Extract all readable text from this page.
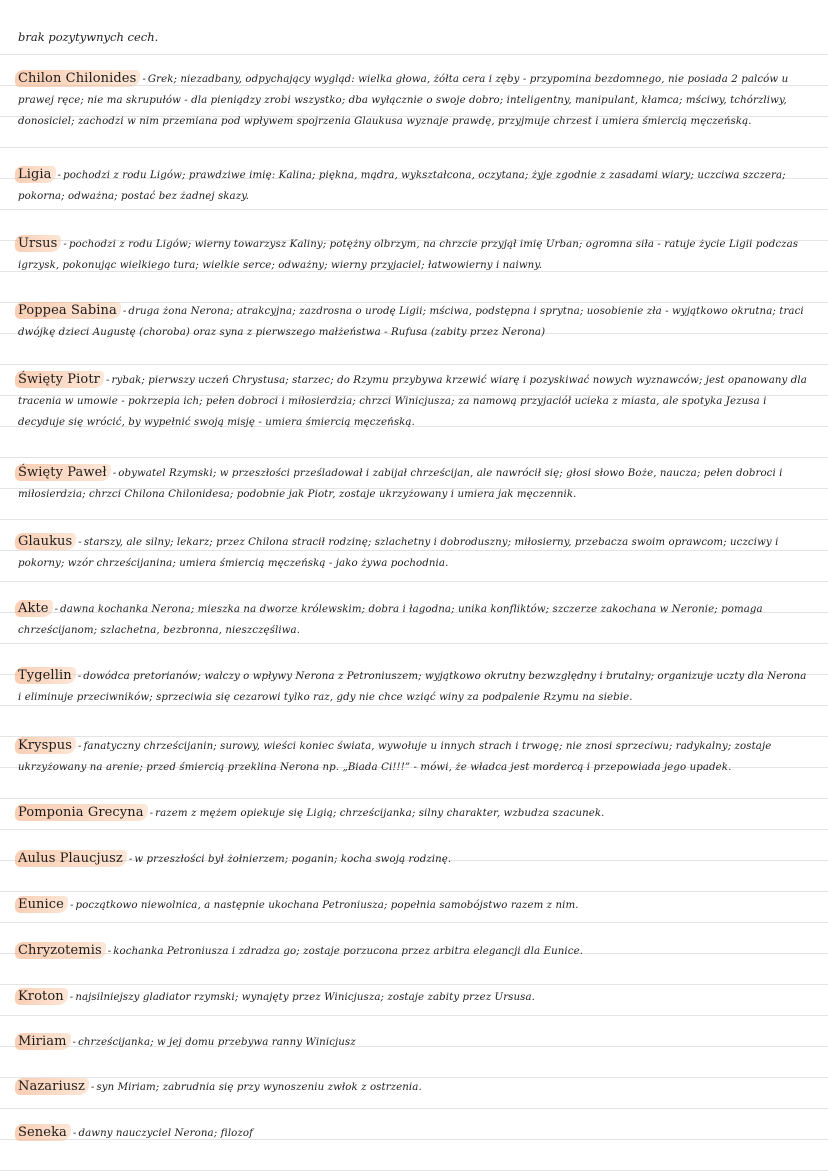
brak pozytywnych cech.
Chilon Chilonides - Grek; niezadbany, odpychający wygląd: wielka głowa, żółta cera i zęby - przypomina bezdomnego, nie posiada 2 palców u prawej ręce; nie ma skrupułów - dla pieniądzy zrobi wszystko; dba wyłącznie o swoje dobro; inteligentny, manipulant, kłamca; mściwy, tchórzliwy, donosiciel; zachodzi w nim przemiana pod wpływem spojrzenia Glaukusa wyznaje prawdę, przyjmuje chrzest i umiera śmiercią męczeńską.
Ligia - pochodzi z rodu Ligów; prawdziwe imię: Kalina; piękna, mądra, wykształcona, oczytana; żyje zgodnie z zasadami wiary; uczciwa szczera; pokorna; odważna; postać bez żadnej skazy.
Ursus - pochodzi z rodu Ligów; wierny towarzysz Kaliny; potężny olbrzym, na chrzcie przyjął imię Urban; ogromna siła - ratuje życie Ligii podczas igrzysk, pokonując wielkiego tura; wielkie serce; odważny; wierny przyjaciel; łatwowierny i naiwny.
Poppea Sabina - druga żona Nerona; atrakcyjna; zazdrosna o urodę Ligii; mściwa, podstępna i sprytna; uosobienie zła - wyjątkowo okrutna; traci dwójkę dzieci Augustę (choroba) oraz syna z pierwszego małżeństwa - Rufusa (zabity przez Nerona)
Święty Piotr - rybak; pierwszy uczeń Chrystusa; starzec; do Rzymu przybywa krzewić wiarę i pozyskiwać nowych wyznawców; jest opanowany dla tracenia w umowie - pokrzepia ich; pełen dobroci i miłosierdzia; chrzci Winicjusza; za namową przyjaciół ucieka z miasta, ale spotyka Jezusa i decyduje się wrócić, by wypełnić swoją misję - umiera śmiercią męczeńską.
Święty Paweł - obywatel Rzymski; w przeszłości prześladował i zabijał chrześcijan, ale nawrócił się; głosi słowo Boże, naucza; pełen dobroci i miłosierdzia; chrzci Chilona Chilonidesa; podobnie jak Piotr, zostaje ukrzyżowany i umiera jak męczennik.
Glaukus - starszy, ale silny; lekarz; przez Chilona stracił rodzinę; szlachetny i dobroduszny; miłosierny, przebacza swoim oprawcom; uczciwy i pokorny; wzór chrześcijanina; umiera śmiercią męczeńską - jako żywa pochodnia.
Akte - dawna kochanka Nerona; mieszka na dworze królewskim; dobra i łagodna; unika konfliktów; szczerze zakochana w Neronie; pomaga chrześcijanom; szlachetna, bezbronna, nieszczęśliwa.
Tygellin - dowódca pretorianów; walczy o wpływy Nerona z Petroniuszem; wyjątkowo okrutny bezwzględny i brutalny; organizuje uczty dla Nerona i eliminuje przeciwników; sprzeciwia się cezarowi tylko raz, gdy nie chce wziąć winy za podpalenie Rzymu na siebie.
Kryspus - fanatyczny chrześcijanin; surowy, wieści koniec świata, wywołuje u innych strach i trwogę; nie znosi sprzeciwu; radykalny; zostaje ukrzyżowany na arenie; przed śmiercią przeklina Nerona np. „Biada Ci!!!” - mówi, że władca jest mordercą i przepowiada jego upadek.
Pomponia Grecyna - razem z mężem opiekuje się Ligią; chrześcijanka; silny charakter, wzbudza szacunek.
Aulus Plaucjusz - w przeszłości był żołnierzem; poganin; kocha swoją rodzinę.
Eunice - początkowo niewolnica, a następnie ukochana Petroniusza; popełnia samobójstwo razem z nim.
Chryzotemis - kochanka Petroniusza i zdradza go; zostaje porzucona przez arbitra elegancji dla Eunice.
Kroton - najsilniejszy gladiator rzymski; wynajęty przez Winicjusza; zostaje zabity przez Ursusa.
Miriam - chrześcijanka; w jej domu przebywa ranny Winicjusz
Nazariusz - syn Miriam; zabrudnia się przy wynoszeniu zwłok z ostrzenia.
Seneka - dawny nauczyciel Nerona; filozof
